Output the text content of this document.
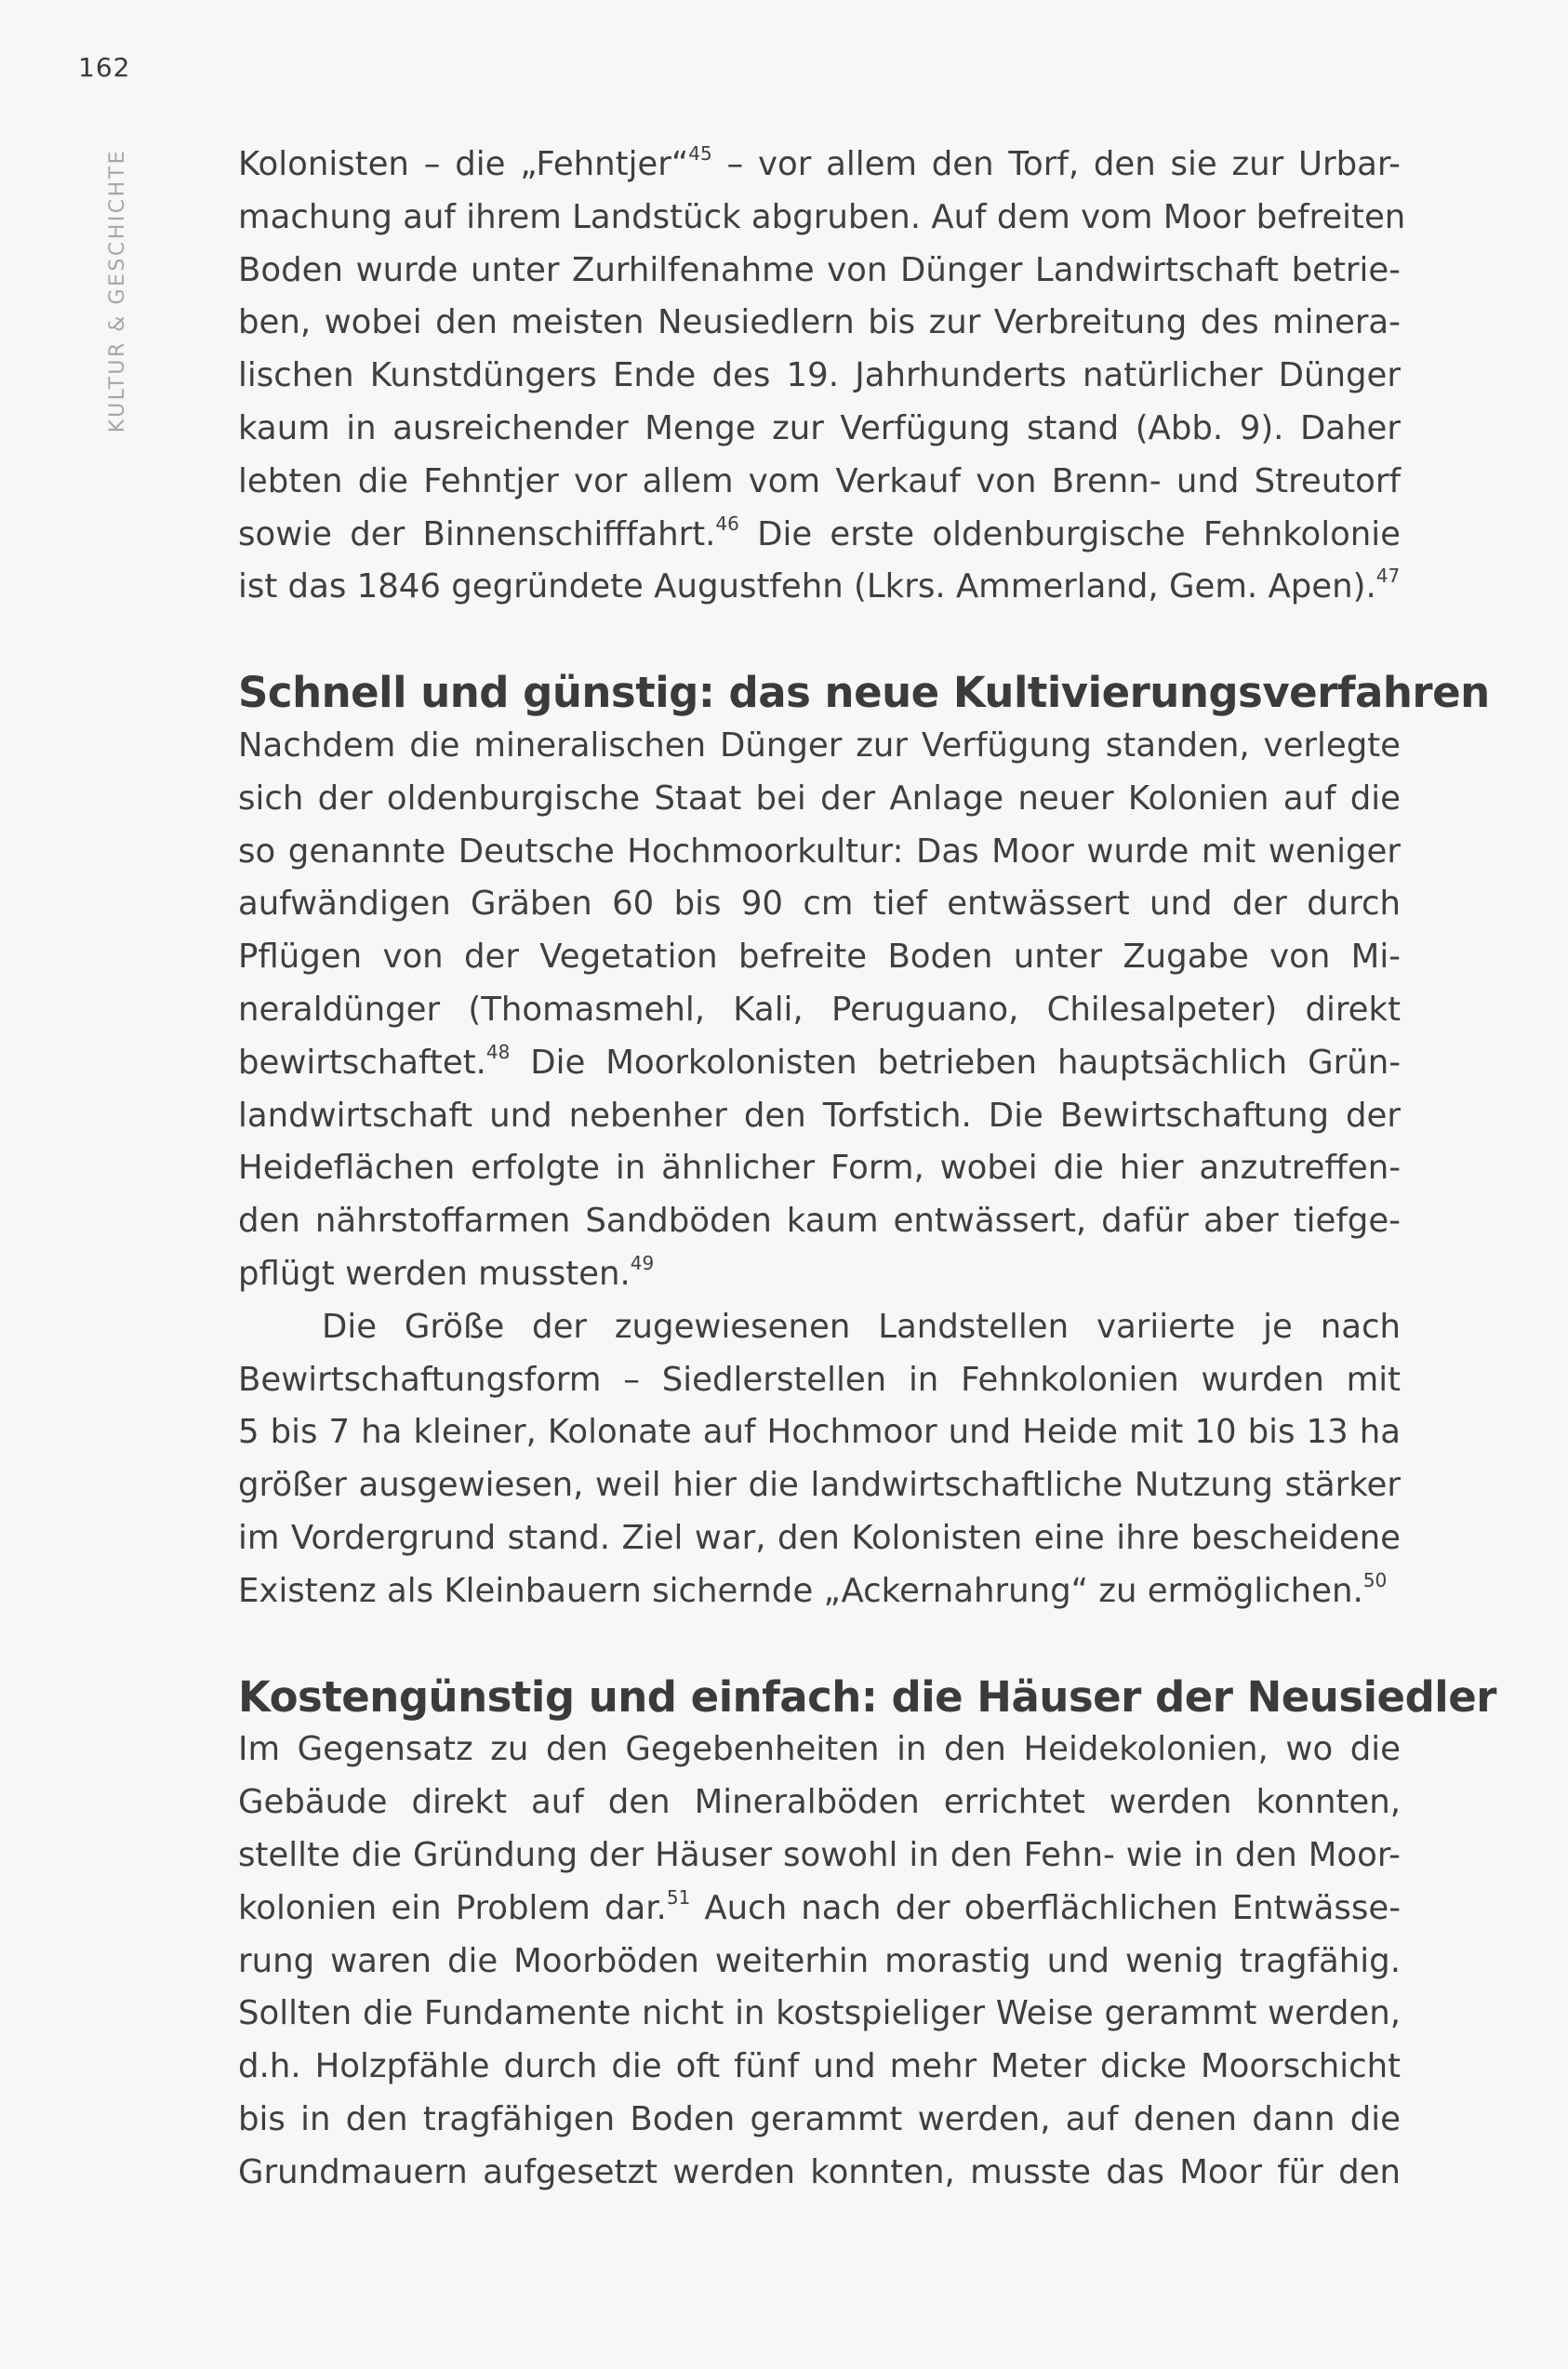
162
KULTUR & GESCHICHTE	Kolonisten – die „Fehntjer“$^{45}$ – vor allem den Torf, den sie zur Urbar-
machung auf ihrem Landstück abgruben. Auf dem vom Moor befreiten
Boden wurde unter Zurhilfenahme von Dünger Landwirtschaft betrie-
ben, wobei den meisten Neusiedlern bis zur Verbreitung des minera-
lischen Kunstdüngers Ende des 19. Jahrhunderts natürlicher Dünger
kaum in ausreichender Menge zur Verfügung stand (Abb. 9). Daher
lebten die Fehntjer vor allem vom Verkauf von Brenn- und Streutorf
sowie der Binnenschifffahrt.$^{46}$ Die erste oldenburgische Fehnkolonie
ist das 1846 gegründete Augustfehn (Lkrs. Ammerland, Gem. Apen).$^{47}$
Schnell und günstig: das neue Kultivierungsverfahren
Nachdem die mineralischen Dünger zur Verfügung standen, verlegte
sich der oldenburgische Staat bei der Anlage neuer Kolonien auf die
so genannte Deutsche Hochmoorkultur: Das Moor wurde mit weniger
aufwändigen Gräben 60 bis 90 cm tief entwässert und der durch
Pflügen von der Vegetation befreite Boden unter Zugabe von Mi-
neraldünger (Thomasmehl, Kali, Peruguano, Chilesalpeter) direkt
bewirtschaftet.$^{48}$ Die Moorkolonisten betrieben hauptsächlich Grün-
landwirtschaft und nebenher den Torfstich. Die Bewirtschaftung der
Heideflächen erfolgte in ähnlicher Form, wobei die hier anzutreffen-
den nährstoffarmen Sandböden kaum entwässert, dafür aber tiefge-
pflügt werden mussten.$^{49}$
Die Größe der zugewiesenen Landstellen variierte je nach
Bewirtschaftungsform – Siedlerstellen in Fehnkolonien wurden mit
5 bis 7 ha kleiner, Kolonate auf Hochmoor und Heide mit 10 bis 13 ha
größer ausgewiesen, weil hier die landwirtschaftliche Nutzung stärker
im Vordergrund stand. Ziel war, den Kolonisten eine ihre bescheidene
Existenz als Kleinbauern sichernde „Ackernahrung“ zu ermöglichen.$^{50}$
Kostengünstig und einfach: die Häuser der Neusiedler
Im Gegensatz zu den Gegebenheiten in den Heidekolonien, wo die
Gebäude direkt auf den Mineralböden errichtet werden konnten,
stellte die Gründung der Häuser sowohl in den Fehn- wie in den Moor-
kolonien ein Problem dar.$^{51}$ Auch nach der oberflächlichen Entwässe-
rung waren die Moorböden weiterhin morastig und wenig tragfähig.
Sollten die Fundamente nicht in kostspieliger Weise gerammt werden,
d.h. Holzpfähle durch die oft fünf und mehr Meter dicke Moorschicht
bis in den tragfähigen Boden gerammt werden, auf denen dann die
Grundmauern aufgesetzt werden konnten, musste das Moor für den
